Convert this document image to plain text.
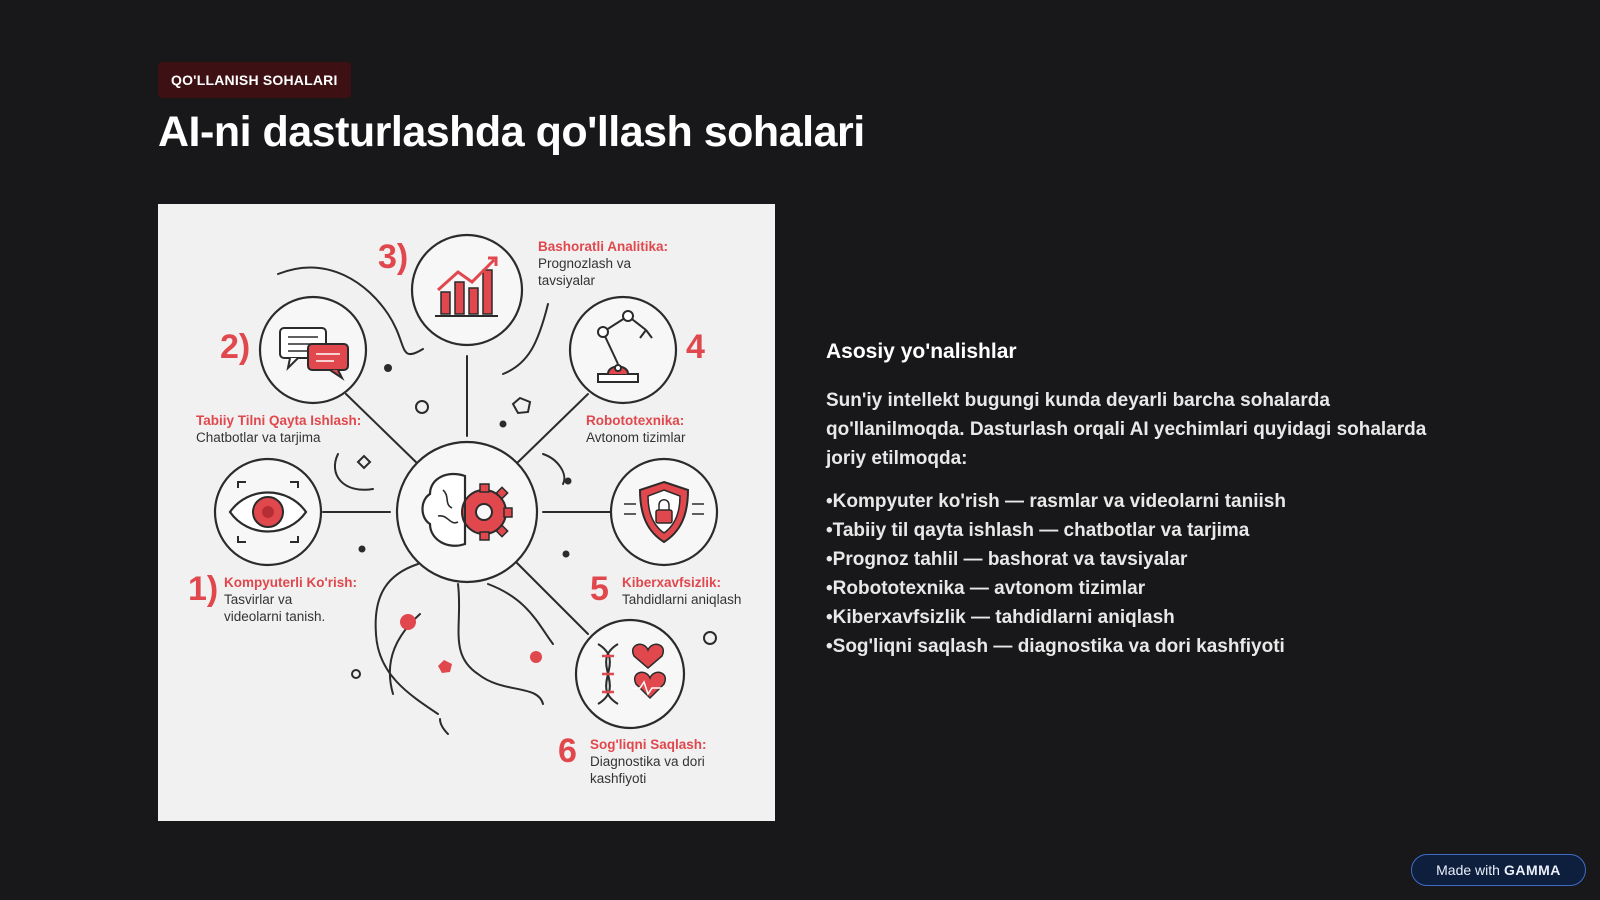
QO'LLANISH SOHALARI
AI-ni dasturlashda qo'llash sohalari
3)
2)	4
1)	5
6
Bashoratli Analitika:
Prognozlash va tavsiyalar
Tabiiy Tilni Qayta Ishlash:
Chatbotlar va tarjima
Robototexnika:
Avtonom tizimlar
Kompyuterli Ko'rish:
Tasvirlar va videolarni tanish.
Kiberxavfsizlik:
Tahdidlarni aniqlash
Sog'liqni Saqlash:
Diagnostika va dori kashfiyoti
Asosiy yo'nalishlar

Sun'iy intellekt bugungi kunda deyarli barcha sohalarda qo'llanilmoqda. Dasturlash orqali AI yechimlari quyidagi sohalarda joriy etilmoqda:

•Kompyuter ko'rish — rasmlar va videolarni taniish
•Tabiiy til qayta ishlash — chatbotlar va tarjima
•Prognoz tahlil — bashorat va tavsiyalar
•Robototexnika — avtonom tizimlar
•Kiberxavfsizlik — tahdidlarni aniqlash
•Sog'liqni saqlash — diagnostika va dori kashfiyoti
Made with GAMMA
